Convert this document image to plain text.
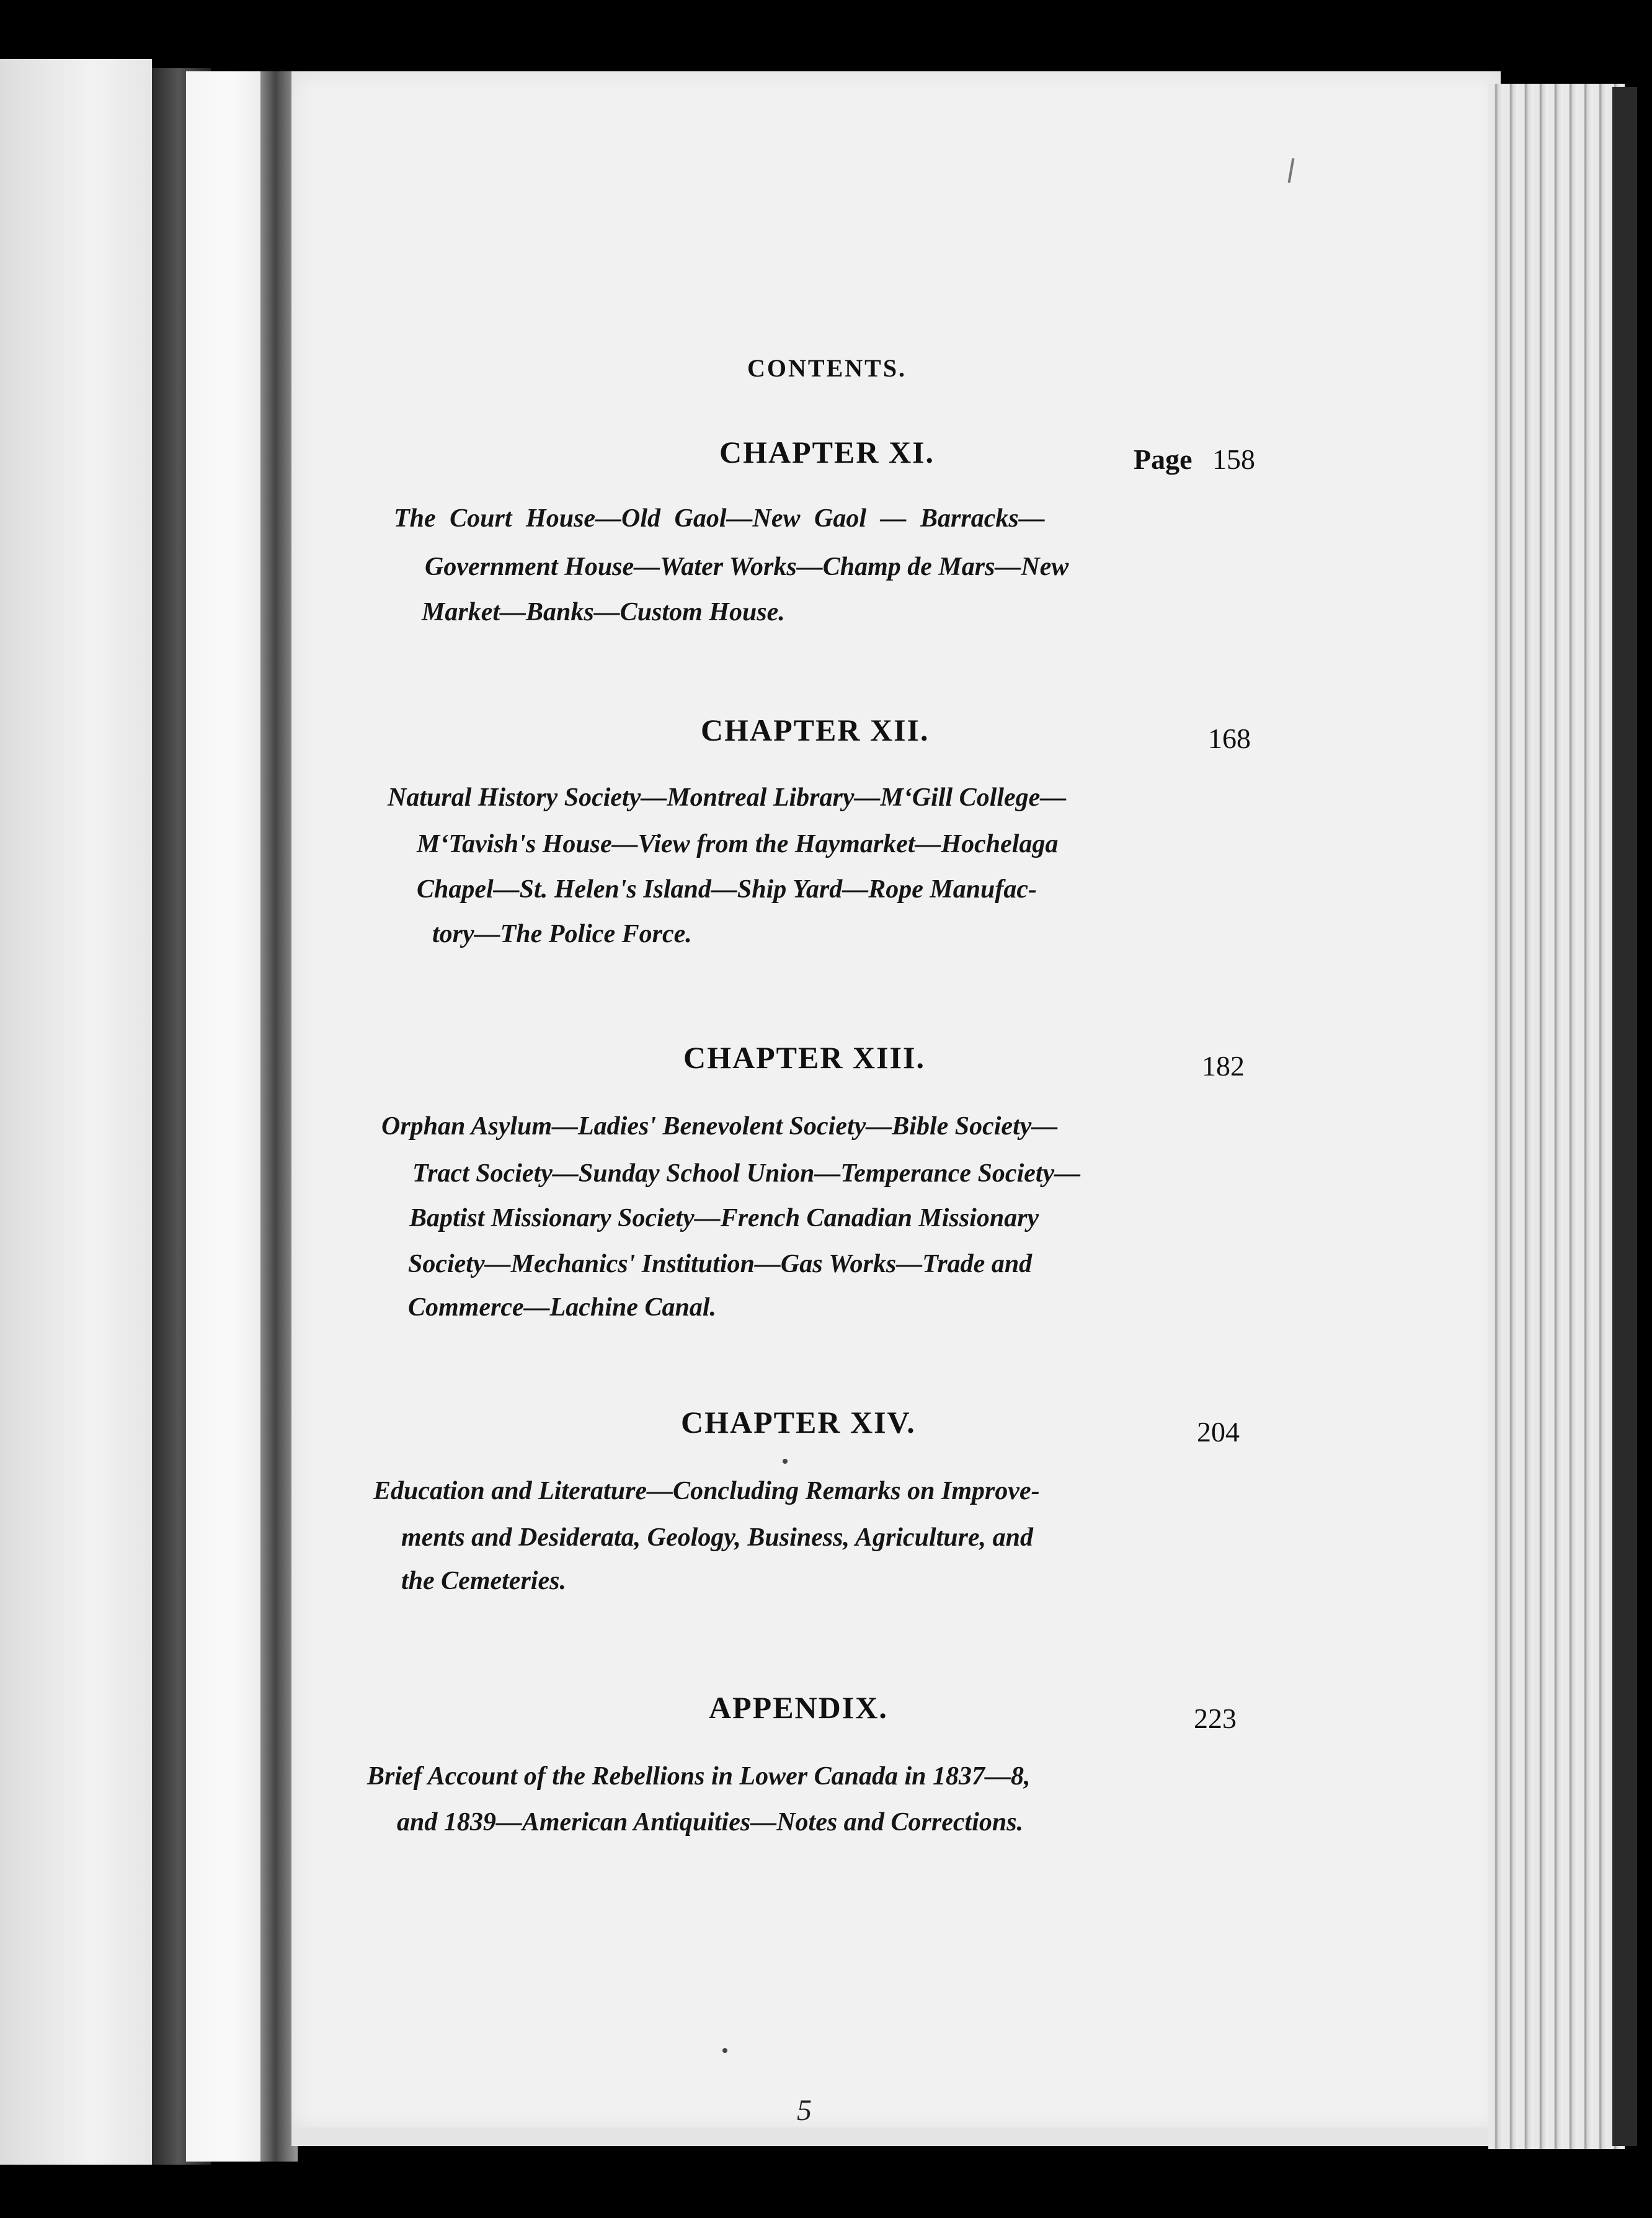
CONTENTS.
CHAPTER XI.	Page 158
The Court House—Old Gaol—New Gaol — Barracks—
Government House—Water Works—Champ de Mars—New
Market—Banks—Custom House.
CHAPTER XII.	168
Natural History Society—Montreal Library—M‘Gill College—
M‘Tavish's House—View from the Haymarket—Hochelaga
Chapel—St. Helen's Island—Ship Yard—Rope Manufac-
tory—The Police Force.
CHAPTER XIII.	182
Orphan Asylum—Ladies' Benevolent Society—Bible Society—
Tract Society—Sunday School Union—Temperance Society—
Baptist Missionary Society—French Canadian Missionary
Society—Mechanics' Institution—Gas Works—Trade and
Commerce—Lachine Canal.
CHAPTER XIV.	204
Education and Literature—Concluding Remarks on Improve-
ments and Desiderata, Geology, Business, Agriculture, and
the Cemeteries.
APPENDIX.	223
Brief Account of the Rebellions in Lower Canada in 1837—8,
and 1839—American Antiquities—Notes and Corrections.
5
